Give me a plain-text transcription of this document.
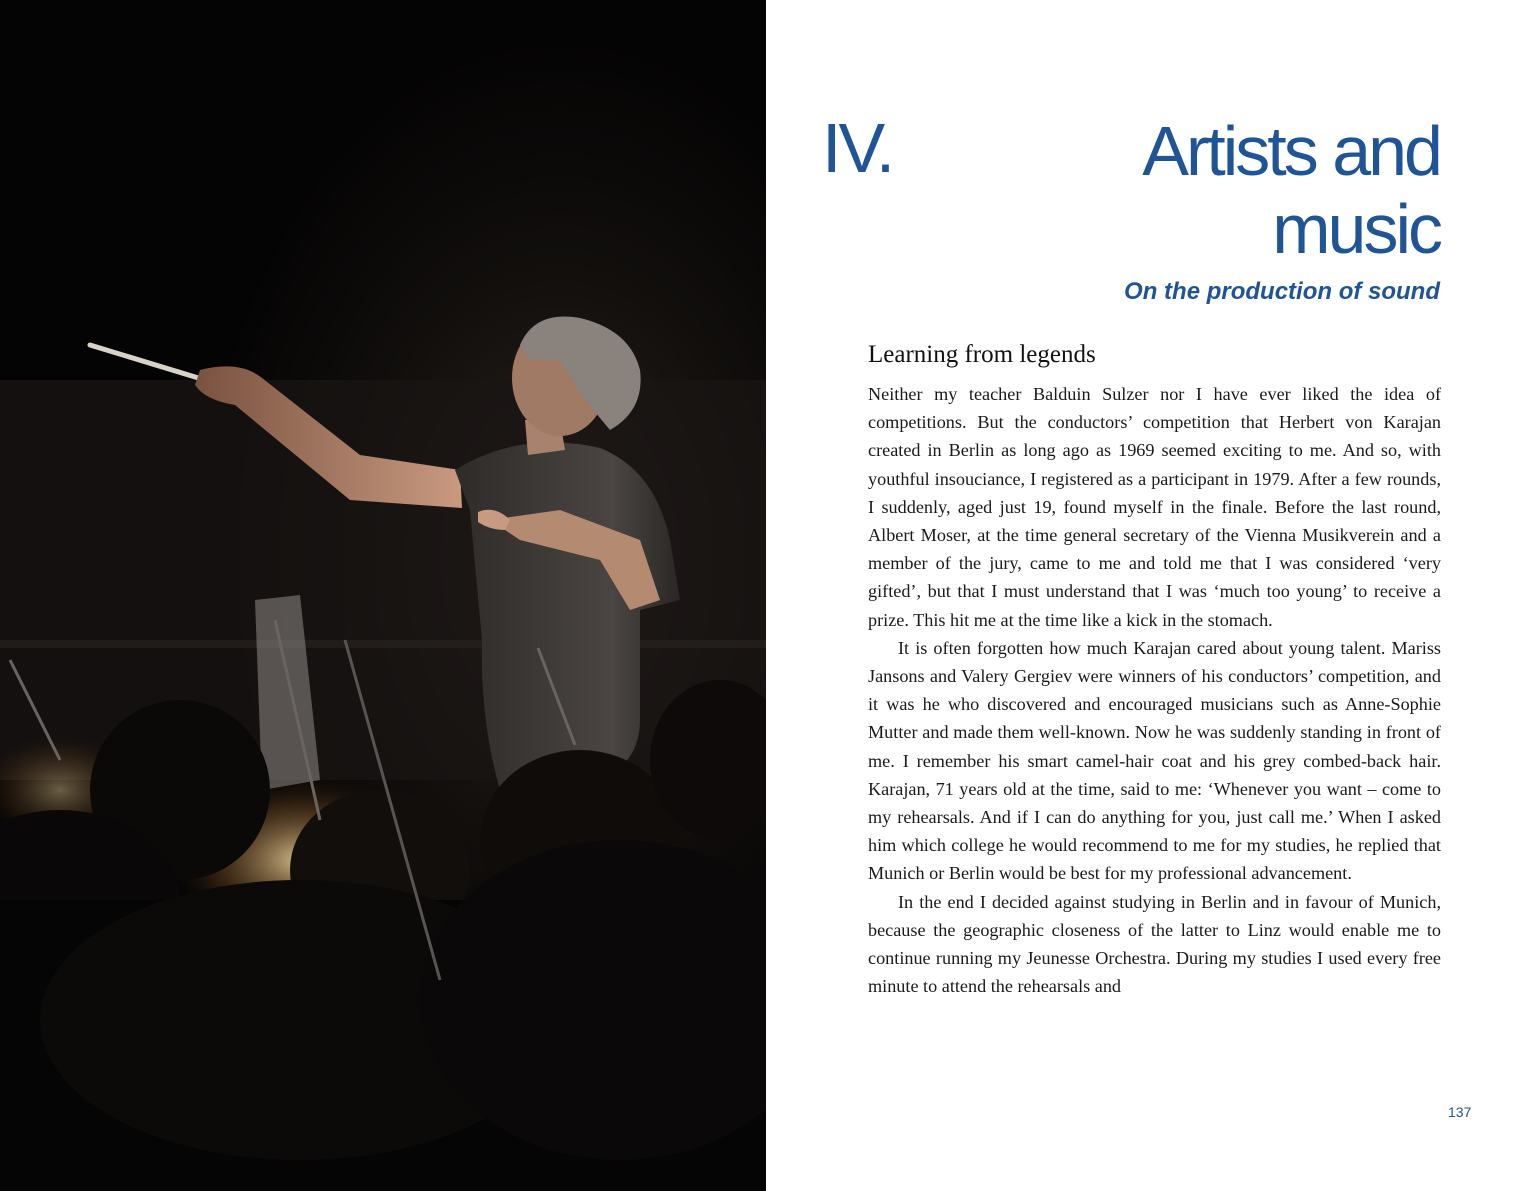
IV.	Artists and music
On the production of sound
Learning from legends

Neither my teacher Balduin Sulzer nor I have ever liked the idea of competitions. But the conductors’ competition that Herbert von Karajan created in Berlin as long ago as 1969 seemed exciting to me. And so, with youthful insouciance, I registered as a participant in 1979. After a few rounds, I suddenly, aged just 19, found myself in the finale. Before the last round, Albert Moser, at the time general secretary of the Vienna Musikverein and a member of the jury, came to me and told me that I was considered ‘very gifted’, but that I must understand that I was ‘much too young’ to receive a prize. This hit me at the time like a kick in the stomach.

It is often forgotten how much Karajan cared about young talent. Mariss Jansons and Valery Gergiev were winners of his conductors’ competition, and it was he who discovered and encouraged musicians such as Anne-Sophie Mutter and made them well-known. Now he was suddenly standing in front of me. I remember his smart camel-hair coat and his grey combed-back hair. Karajan, 71 years old at the time, said to me: ‘Whenever you want – come to my rehearsals. And if I can do anything for you, just call me.’ When I asked him which college he would recommend to me for my studies, he replied that Munich or Berlin would be best for my professional advancement.

In the end I decided against studying in Berlin and in favour of Munich, because the geographic closeness of the latter to Linz would enable me to continue running my Jeunesse Orchestra. During my studies I used every free minute to attend the rehearsals and

137
